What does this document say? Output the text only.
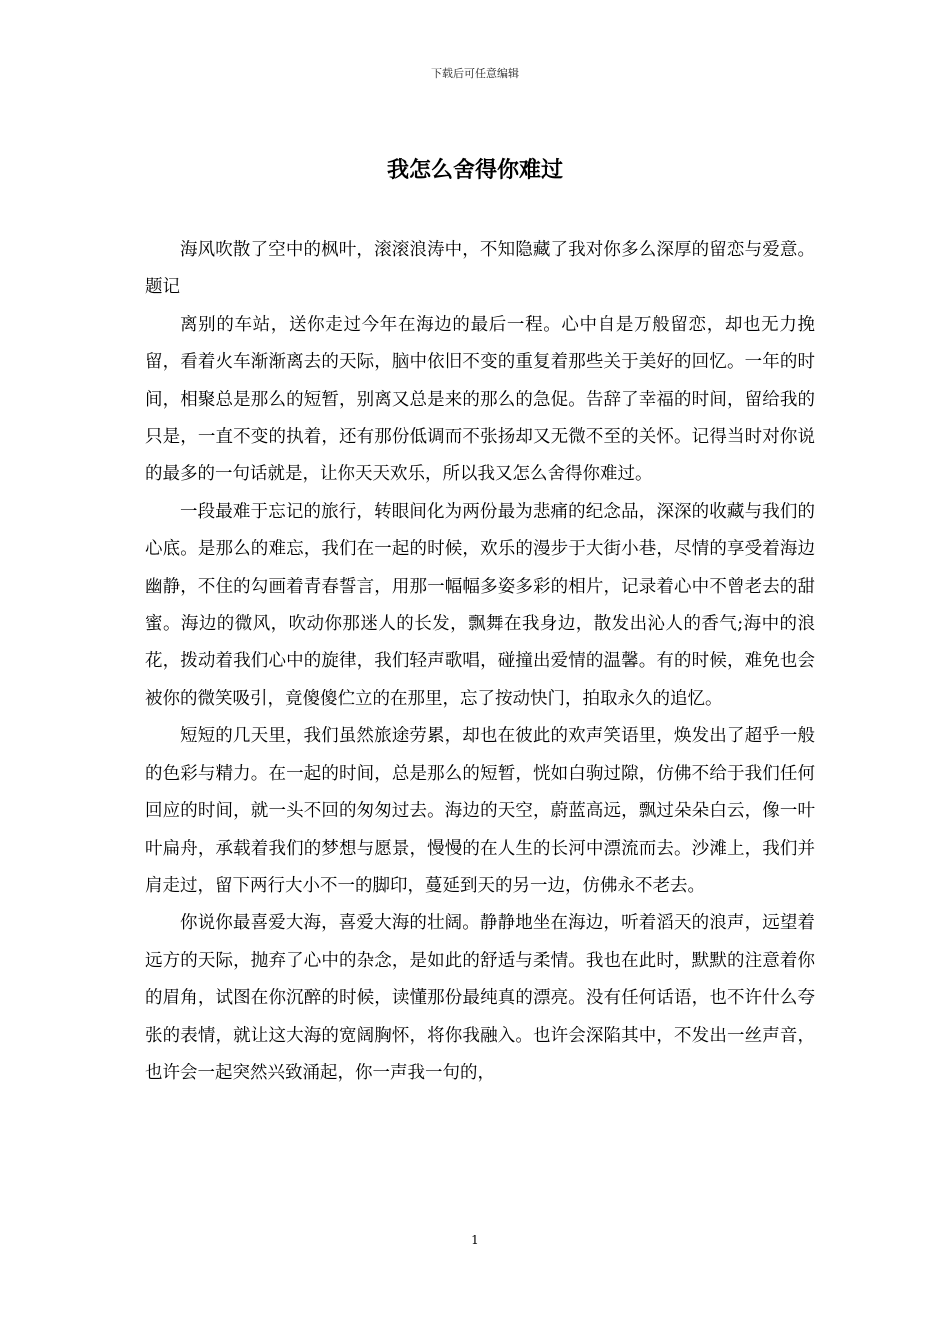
下载后可任意编辑
我怎么舍得你难过

海风吹散了空中的枫叶，滚滚浪涛中，不知隐藏了我对你多么深厚的留恋与爱意。题记

离别的车站，送你走过今年在海边的最后一程。心中自是万般留恋，却也无力挽留，看着火车渐渐离去的天际，脑中依旧不变的重复着那些关于美好的回忆。一年的时间，相聚总是那么的短暂，别离又总是来的那么的急促。告辞了幸福的时间，留给我的只是，一直不变的执着，还有那份低调而不张扬却又无微不至的关怀。记得当时对你说的最多的一句话就是，让你天天欢乐，所以我又怎么舍得你难过。

一段最难于忘记的旅行，转眼间化为两份最为悲痛的纪念品，深深的收藏与我们的心底。是那么的难忘，我们在一起的时候，欢乐的漫步于大街小巷，尽情的享受着海边幽静，不住的勾画着青春誓言，用那一幅幅多姿多彩的相片，记录着心中不曾老去的甜蜜。海边的微风，吹动你那迷人的长发，飘舞在我身边，散发出沁人的香气;海中的浪花，拨动着我们心中的旋律，我们轻声歌唱，碰撞出爱情的温馨。有的时候，难免也会被你的微笑吸引，竟傻傻伫立的在那里，忘了按动快门，拍取永久的追忆。

短短的几天里，我们虽然旅途劳累，却也在彼此的欢声笑语里，焕发出了超乎一般的色彩与精力。在一起的时间，总是那么的短暂，恍如白驹过隙，仿佛不给于我们任何回应的时间，就一头不回的匆匆过去。海边的天空，蔚蓝高远，飘过朵朵白云，像一叶叶扁舟，承载着我们的梦想与愿景，慢慢的在人生的长河中漂流而去。沙滩上，我们并肩走过，留下两行大小不一的脚印，蔓延到天的另一边，仿佛永不老去。

你说你最喜爱大海，喜爱大海的壮阔。静静地坐在海边，听着滔天的浪声，远望着远方的天际，抛弃了心中的杂念，是如此的舒适与柔情。我也在此时，默默的注意着你的眉角，试图在你沉醉的时候，读懂那份最纯真的漂亮。没有任何话语，也不许什么夸张的表情，就让这大海的宽阔胸怀，将你我融入。也许会深陷其中，不发出一丝声音，也许会一起突然兴致涌起，你一声我一句的，

1
